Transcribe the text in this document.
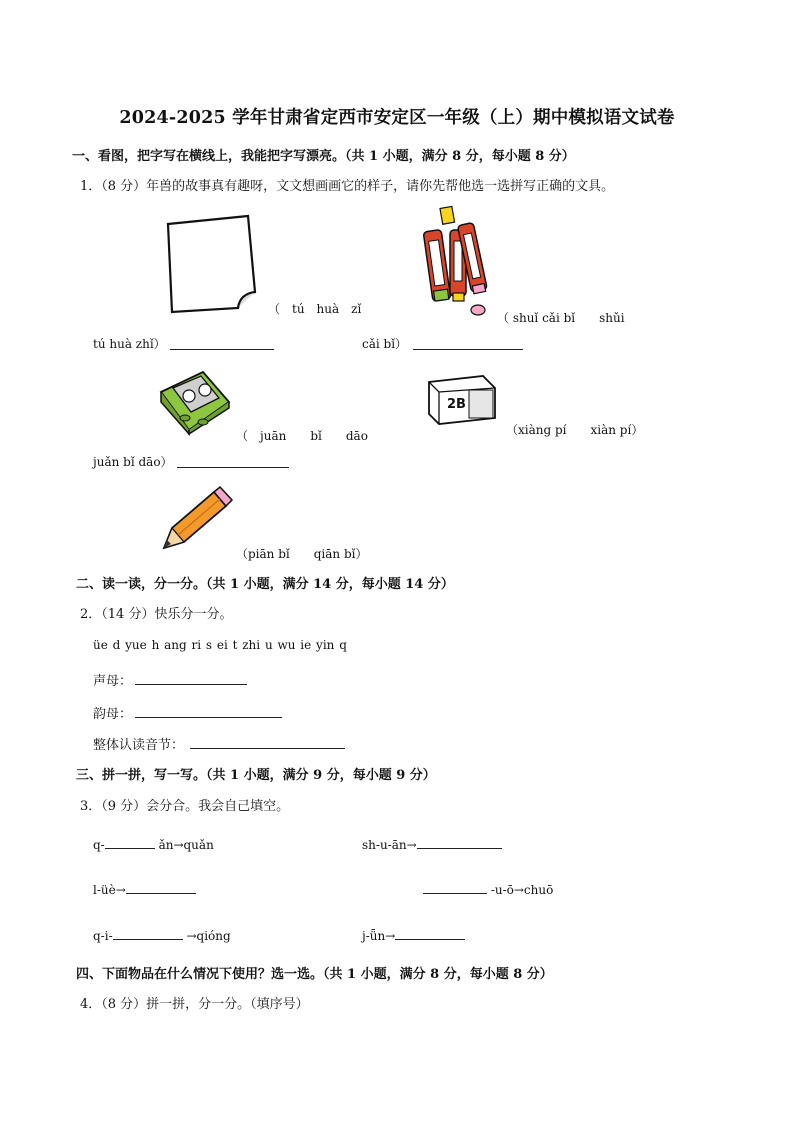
2024-2025 学年甘肃省定西市安定区一年级（上）期中模拟语文试卷
一、看图，把字写在横线上，我能把字写漂亮。（共 1 小题，满分 8 分，每小题 8 分）
1．（8 分）年兽的故事真有趣呀，文文想画画它的样子，请你先帮他选一选拼写正确的文具。
（　tú　huà　zǐ
tú huà zhǐ）
（ shuǐ cǎi bǐ　　shǔi
cǎi bǐ）
（　juān　　bǐ　　dāo
juǎn bǐ dāo）
2B
（xiàng pí　　xiàn pí）
（piān bǐ　　qiān bǐ）
二、读一读，分一分。（共 1 小题，满分 14 分，每小题 14 分）
2．（14 分）快乐分一分。
üe d yue h ang ri s ei t zhi u wu ie yin q
声母：
韵母：
整体认读音节：
三、拼一拼，写一写。（共 1 小题，满分 9 分，每小题 9 分）
3．（9 分）会分合。我会自己填空。
q-	ǎn→quǎn	sh-u-ān→
l-üè→	-u-ō→chuō
q-i-	→qióng	j-ǖn→
四、下面物品在什么情况下使用？选一选。（共 1 小题，满分 8 分，每小题 8 分）
4．（8 分）拼一拼，分一分。（填序号）
